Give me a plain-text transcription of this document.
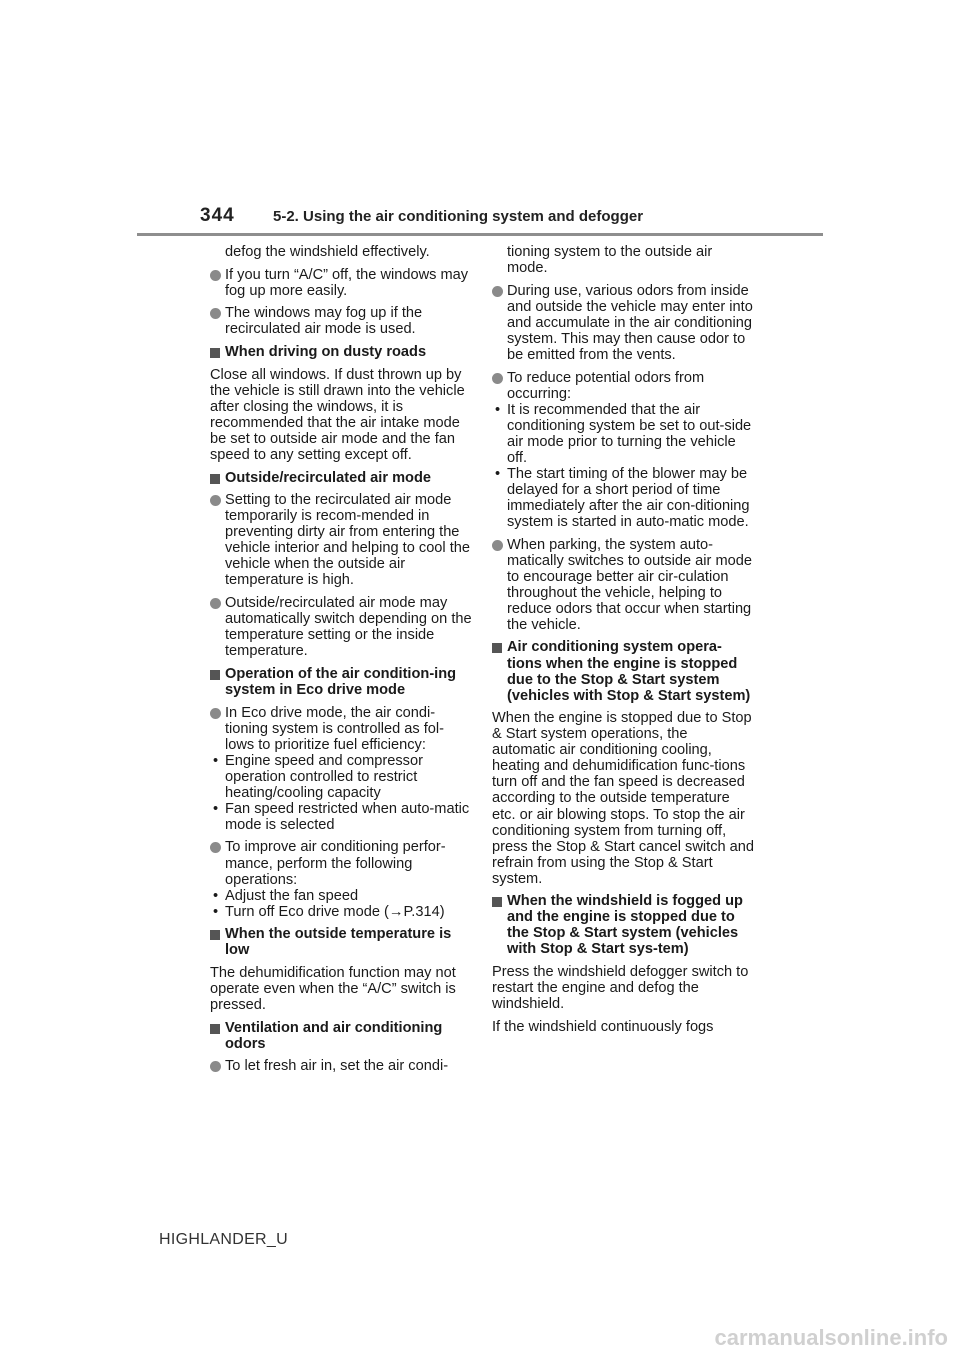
344	5-2. Using the air conditioning system and defogger
defog the windshield effectively.
If you turn “A/C” off, the windows may fog up more easily.
The windows may fog up if the recirculated air mode is used.
When driving on dusty roads
Close all windows. If dust thrown up by the vehicle is still drawn into the vehicle after closing the windows, it is recommended that the air intake mode be set to outside air mode and the fan speed to any setting except off.
Outside/recirculated air mode
Setting to the recirculated air mode temporarily is recom-mended in preventing dirty air from entering the vehicle interior and helping to cool the vehicle when the outside air temperature is high.
Outside/recirculated air mode may automatically switch depending on the temperature setting or the inside temperature.
Operation of the air condition-ing system in Eco drive mode
In Eco drive mode, the air condi-tioning system is controlled as fol-lows to prioritize fuel efficiency:
• Engine speed and compressor operation controlled to restrict heating/cooling capacity
• Fan speed restricted when auto-matic mode is selected
To improve air conditioning perfor-mance, perform the following operations:
• Adjust the fan speed
• Turn off Eco drive mode (→P.314)
When the outside temperature is low
The dehumidification function may not operate even when the “A/C” switch is pressed.
Ventilation and air conditioning odors
To let fresh air in, set the air condi-
tioning system to the outside air mode.
During use, various odors from inside and outside the vehicle may enter into and accumulate in the air conditioning system. This may then cause odor to be emitted from the vents.
To reduce potential odors from occurring:
• It is recommended that the air conditioning system be set to out-side air mode prior to turning the vehicle off.
• The start timing of the blower may be delayed for a short period of time immediately after the air con-ditioning system is started in auto-matic mode.
When parking, the system auto-matically switches to outside air mode to encourage better air cir-culation throughout the vehicle, helping to reduce odors that occur when starting the vehicle.
Air conditioning system opera-tions when the engine is stopped due to the Stop & Start system (vehicles with Stop & Start system)
When the engine is stopped due to Stop & Start system operations, the automatic air conditioning cooling, heating and dehumidification func-tions turn off and the fan speed is decreased according to the outside temperature etc. or air blowing stops. To stop the air conditioning system from turning off, press the Stop & Start cancel switch and refrain from using the Stop & Start system.
When the windshield is fogged up and the engine is stopped due to the Stop & Start system (vehicles with Stop & Start sys-tem)
Press the windshield defogger switch to restart the engine and defog the windshield.
If the windshield continuously fogs
HIGHLANDER_U
carmanualsonline.info
